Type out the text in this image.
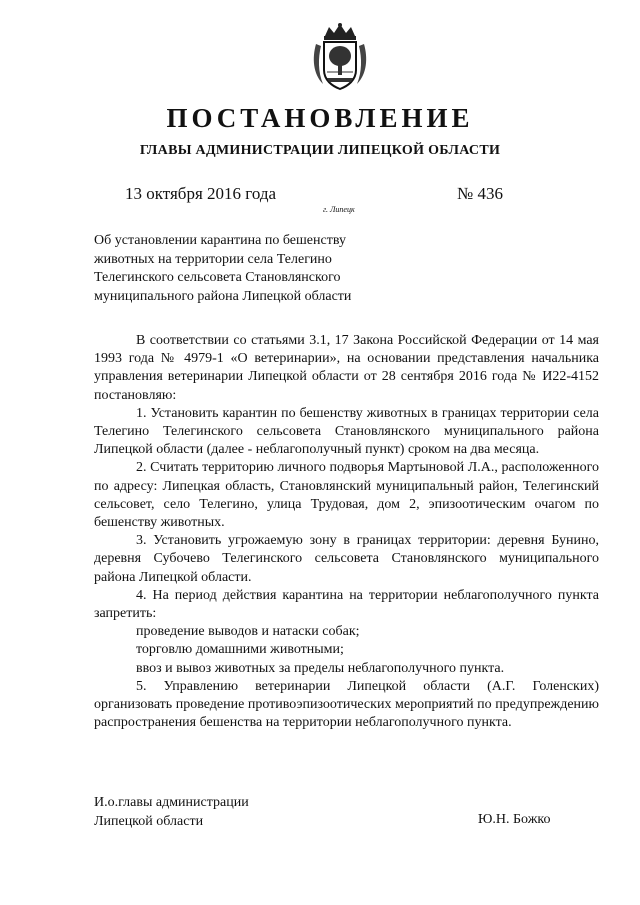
ПОСТАНОВЛЕНИЕ
ГЛАВЫ АДМИНИСТРАЦИИ ЛИПЕЦКОЙ ОБЛАСТИ
13 октября 2016 года
г. Липецк
№ 436
Об установлении карантина по бешенству
животных на территории села Телегино
Телегинского сельсовета Становлянского
муниципального района Липецкой области

В соответствии со статьями 3.1, 17 Закона Российской Федерации от 14 мая 1993 года № 4979-1 «О ветеринарии», на основании представления начальника управления ветеринарии Липецкой области от 28 сентября 2016 года № И22-4152 постановляю:

1. Установить карантин по бешенству животных в границах территории села Телегино Телегинского сельсовета Становлянского муниципального района Липецкой области (далее - неблагополучный пункт) сроком на два месяца.

2. Считать территорию личного подворья Мартыновой Л.А., расположенного по адресу: Липецкая область, Становлянский муниципальный район, Телегинский сельсовет, село Телегино, улица Трудовая, дом 2, эпизоотическим очагом по бешенству животных.

3. Установить угрожаемую зону в границах территории: деревня Бунино, деревня Субочево Телегинского сельсовета Становлянского муниципального района Липецкой области.

4. На период действия карантина на территории неблагополучного пункта запретить:

проведение выводов и натаски собак;

торговлю домашними животными;

ввоз и вывоз животных за пределы неблагополучного пункта.

5. Управлению ветеринарии Липецкой области (А.Г. Голенских) организовать проведение противоэпизоотических мероприятий по предупреждению распространения бешенства на территории неблагополучного пункта.

И.о.главы администрации
Липецкой области	Ю.Н. Божко
